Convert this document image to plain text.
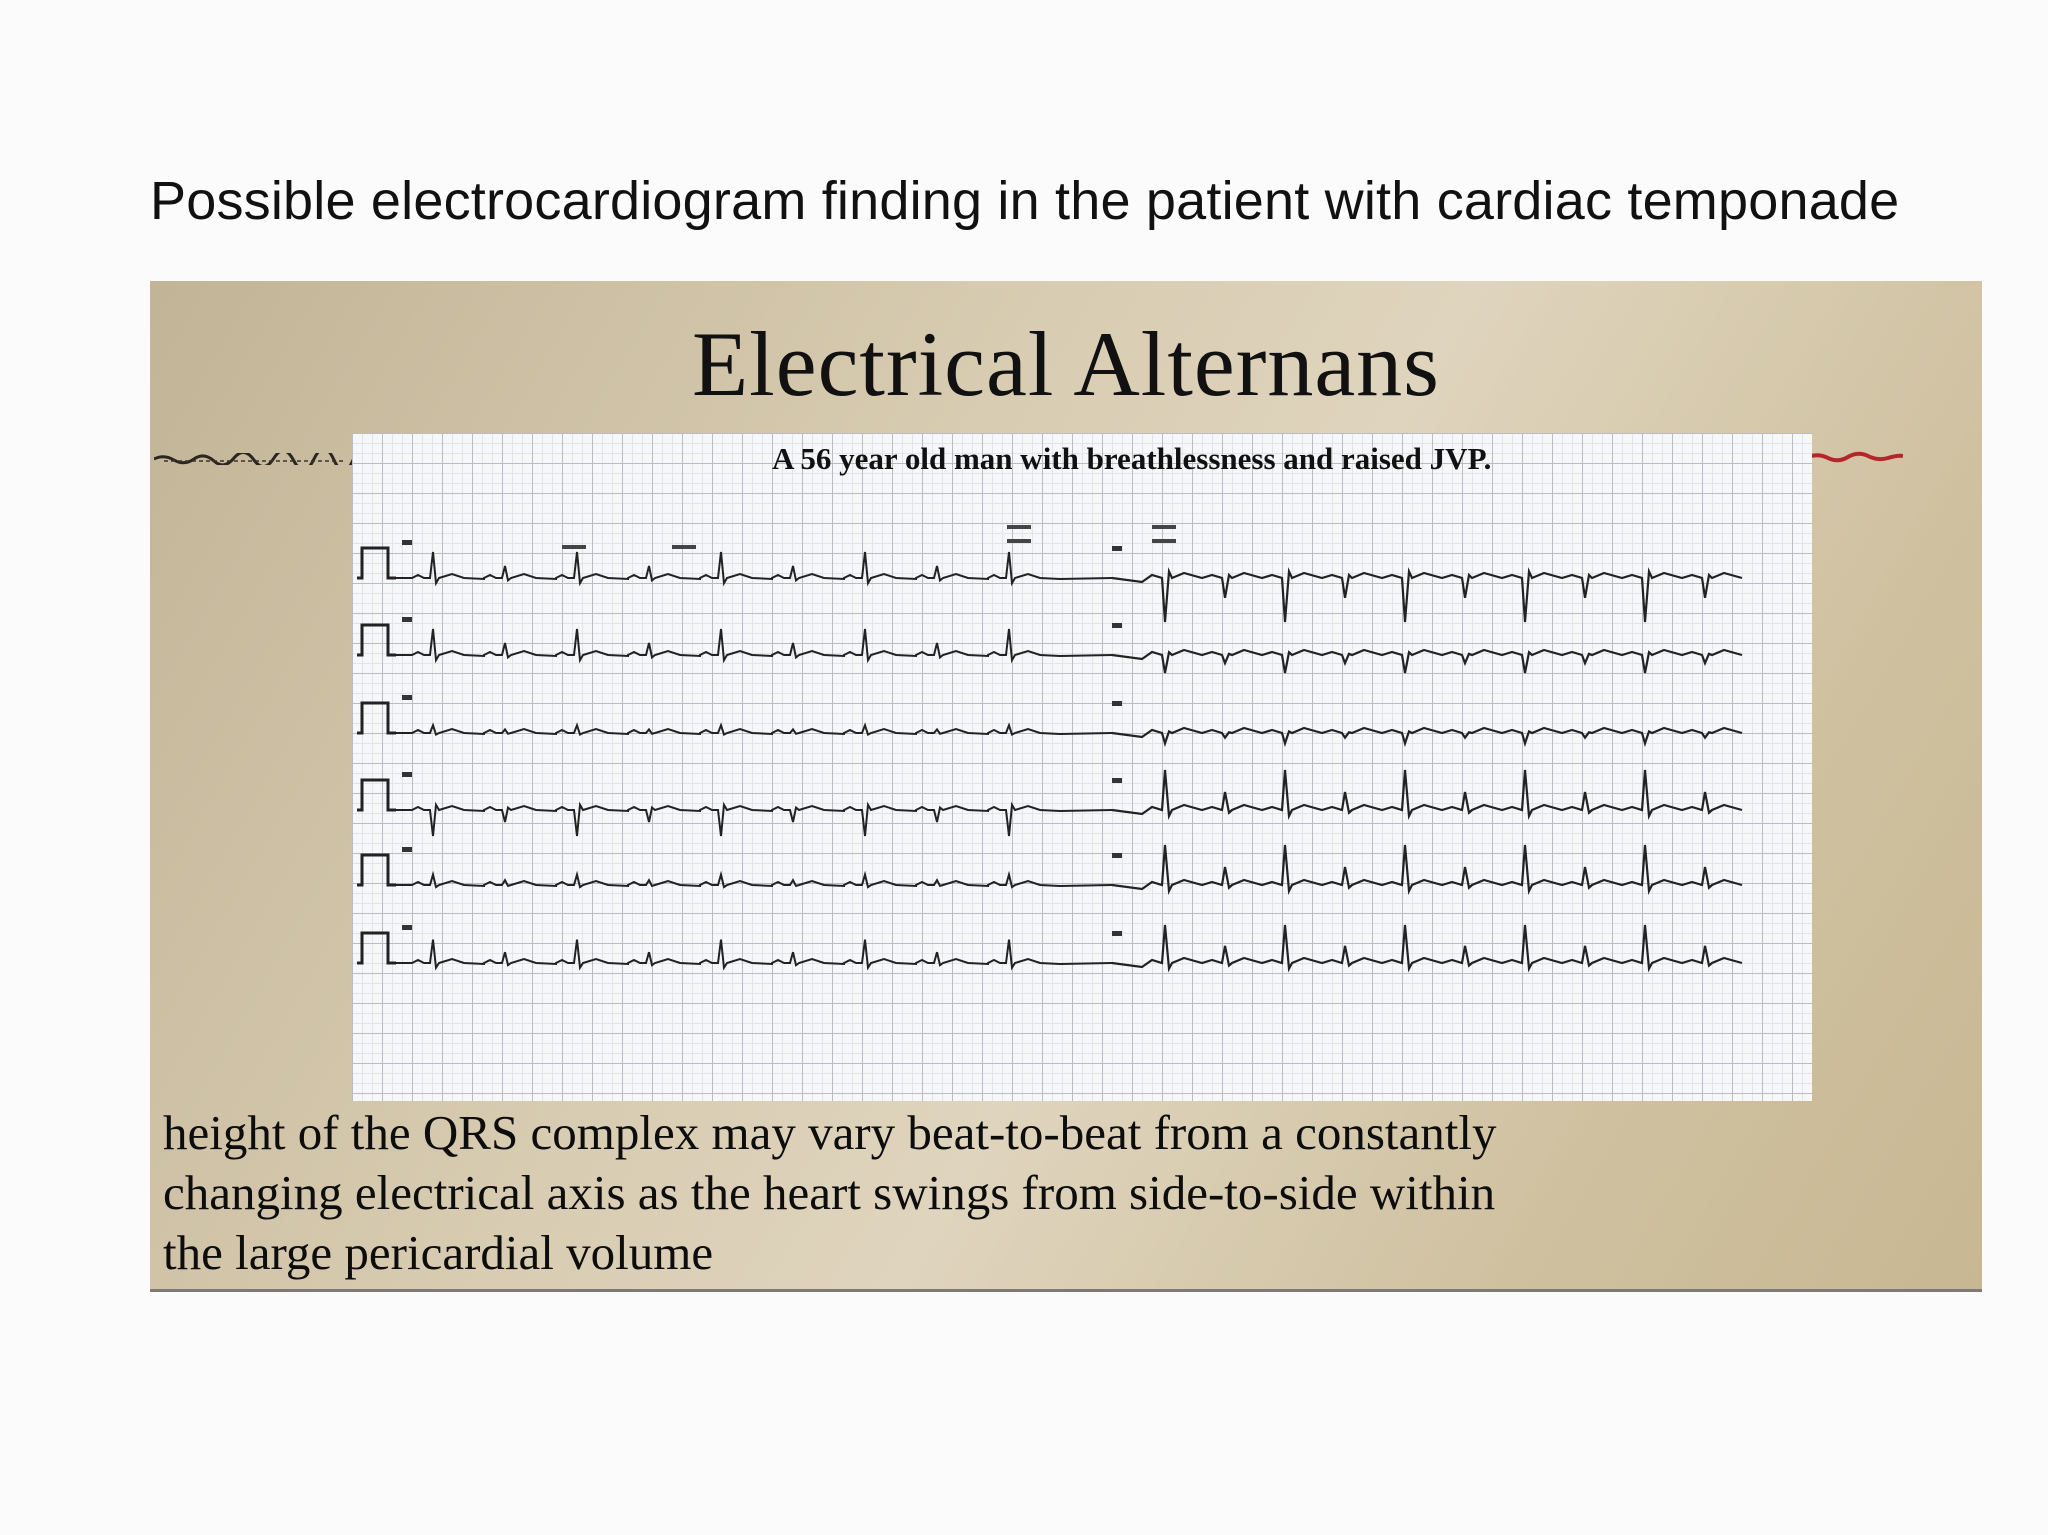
Possible electrocardiogram finding in the patient with cardiac temponade
Electrical Alternans
A 56 year old man with breathlessness and raised JVP.
height of the QRS complex may vary beat-to-beat from a constantly
changing electrical axis as the heart swings from side-to-side within
the large pericardial volume
